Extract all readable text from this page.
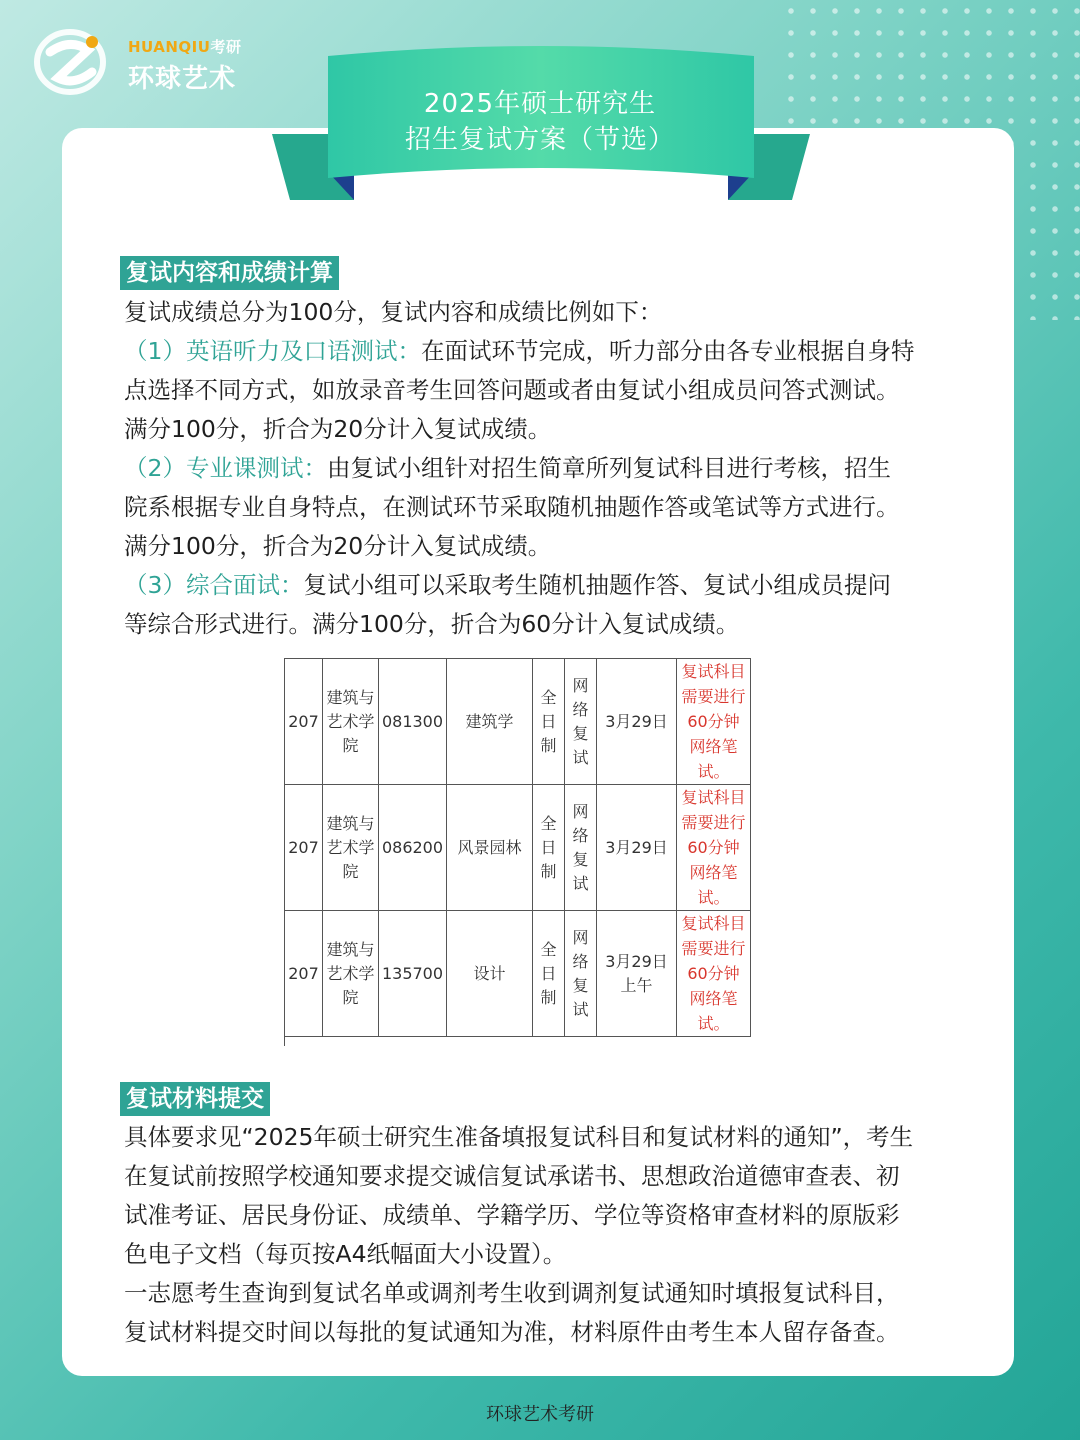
HUANQIU考研
环球艺术
2025年硕士研究生
招生复试方案（节选）
复试内容和成绩计算
复试成绩总分为100分，复试内容和成绩比例如下：
（1）英语听力及口语测试：在面试环节完成，听力部分由各专业根据自身特
点选择不同方式，如放录音考生回答问题或者由复试小组成员问答式测试。
满分100分，折合为20分计入复试成绩。
（2）专业课测试：由复试小组针对招生简章所列复试科目进行考核，招生
院系根据专业自身特点，在测试环节采取随机抽题作答或笔试等方式进行。
满分100分，折合为20分计入复试成绩。
（3）综合面试：复试小组可以采取考生随机抽题作答、复试小组成员提问
等综合形式进行。满分100分，折合为60分计入复试成绩。
207	建筑与
艺术学
院	081300	建筑学	全
日
制	网
络
复
试	3月29日	复试科目
需要进行
60分钟
网络笔
试。
207	建筑与
艺术学
院	086200	风景园林	全
日
制	网
络
复
试	3月29日	复试科目
需要进行
60分钟
网络笔
试。
207	建筑与
艺术学
院	135700	设计	全
日
制	网
络
复
试	3月29日
上午	复试科目
需要进行
60分钟
网络笔
试。
复试材料提交
具体要求见“2025年硕士研究生准备填报复试科目和复试材料的通知”，考生
在复试前按照学校通知要求提交诚信复试承诺书、思想政治道德审查表、初
试准考证、居民身份证、成绩单、学籍学历、学位等资格审查材料的原版彩
色电子文档（每页按A4纸幅面大小设置）。
一志愿考生查询到复试名单或调剂考生收到调剂复试通知时填报复试科目，
复试材料提交时间以每批的复试通知为准，材料原件由考生本人留存备查。
环球艺术考研
